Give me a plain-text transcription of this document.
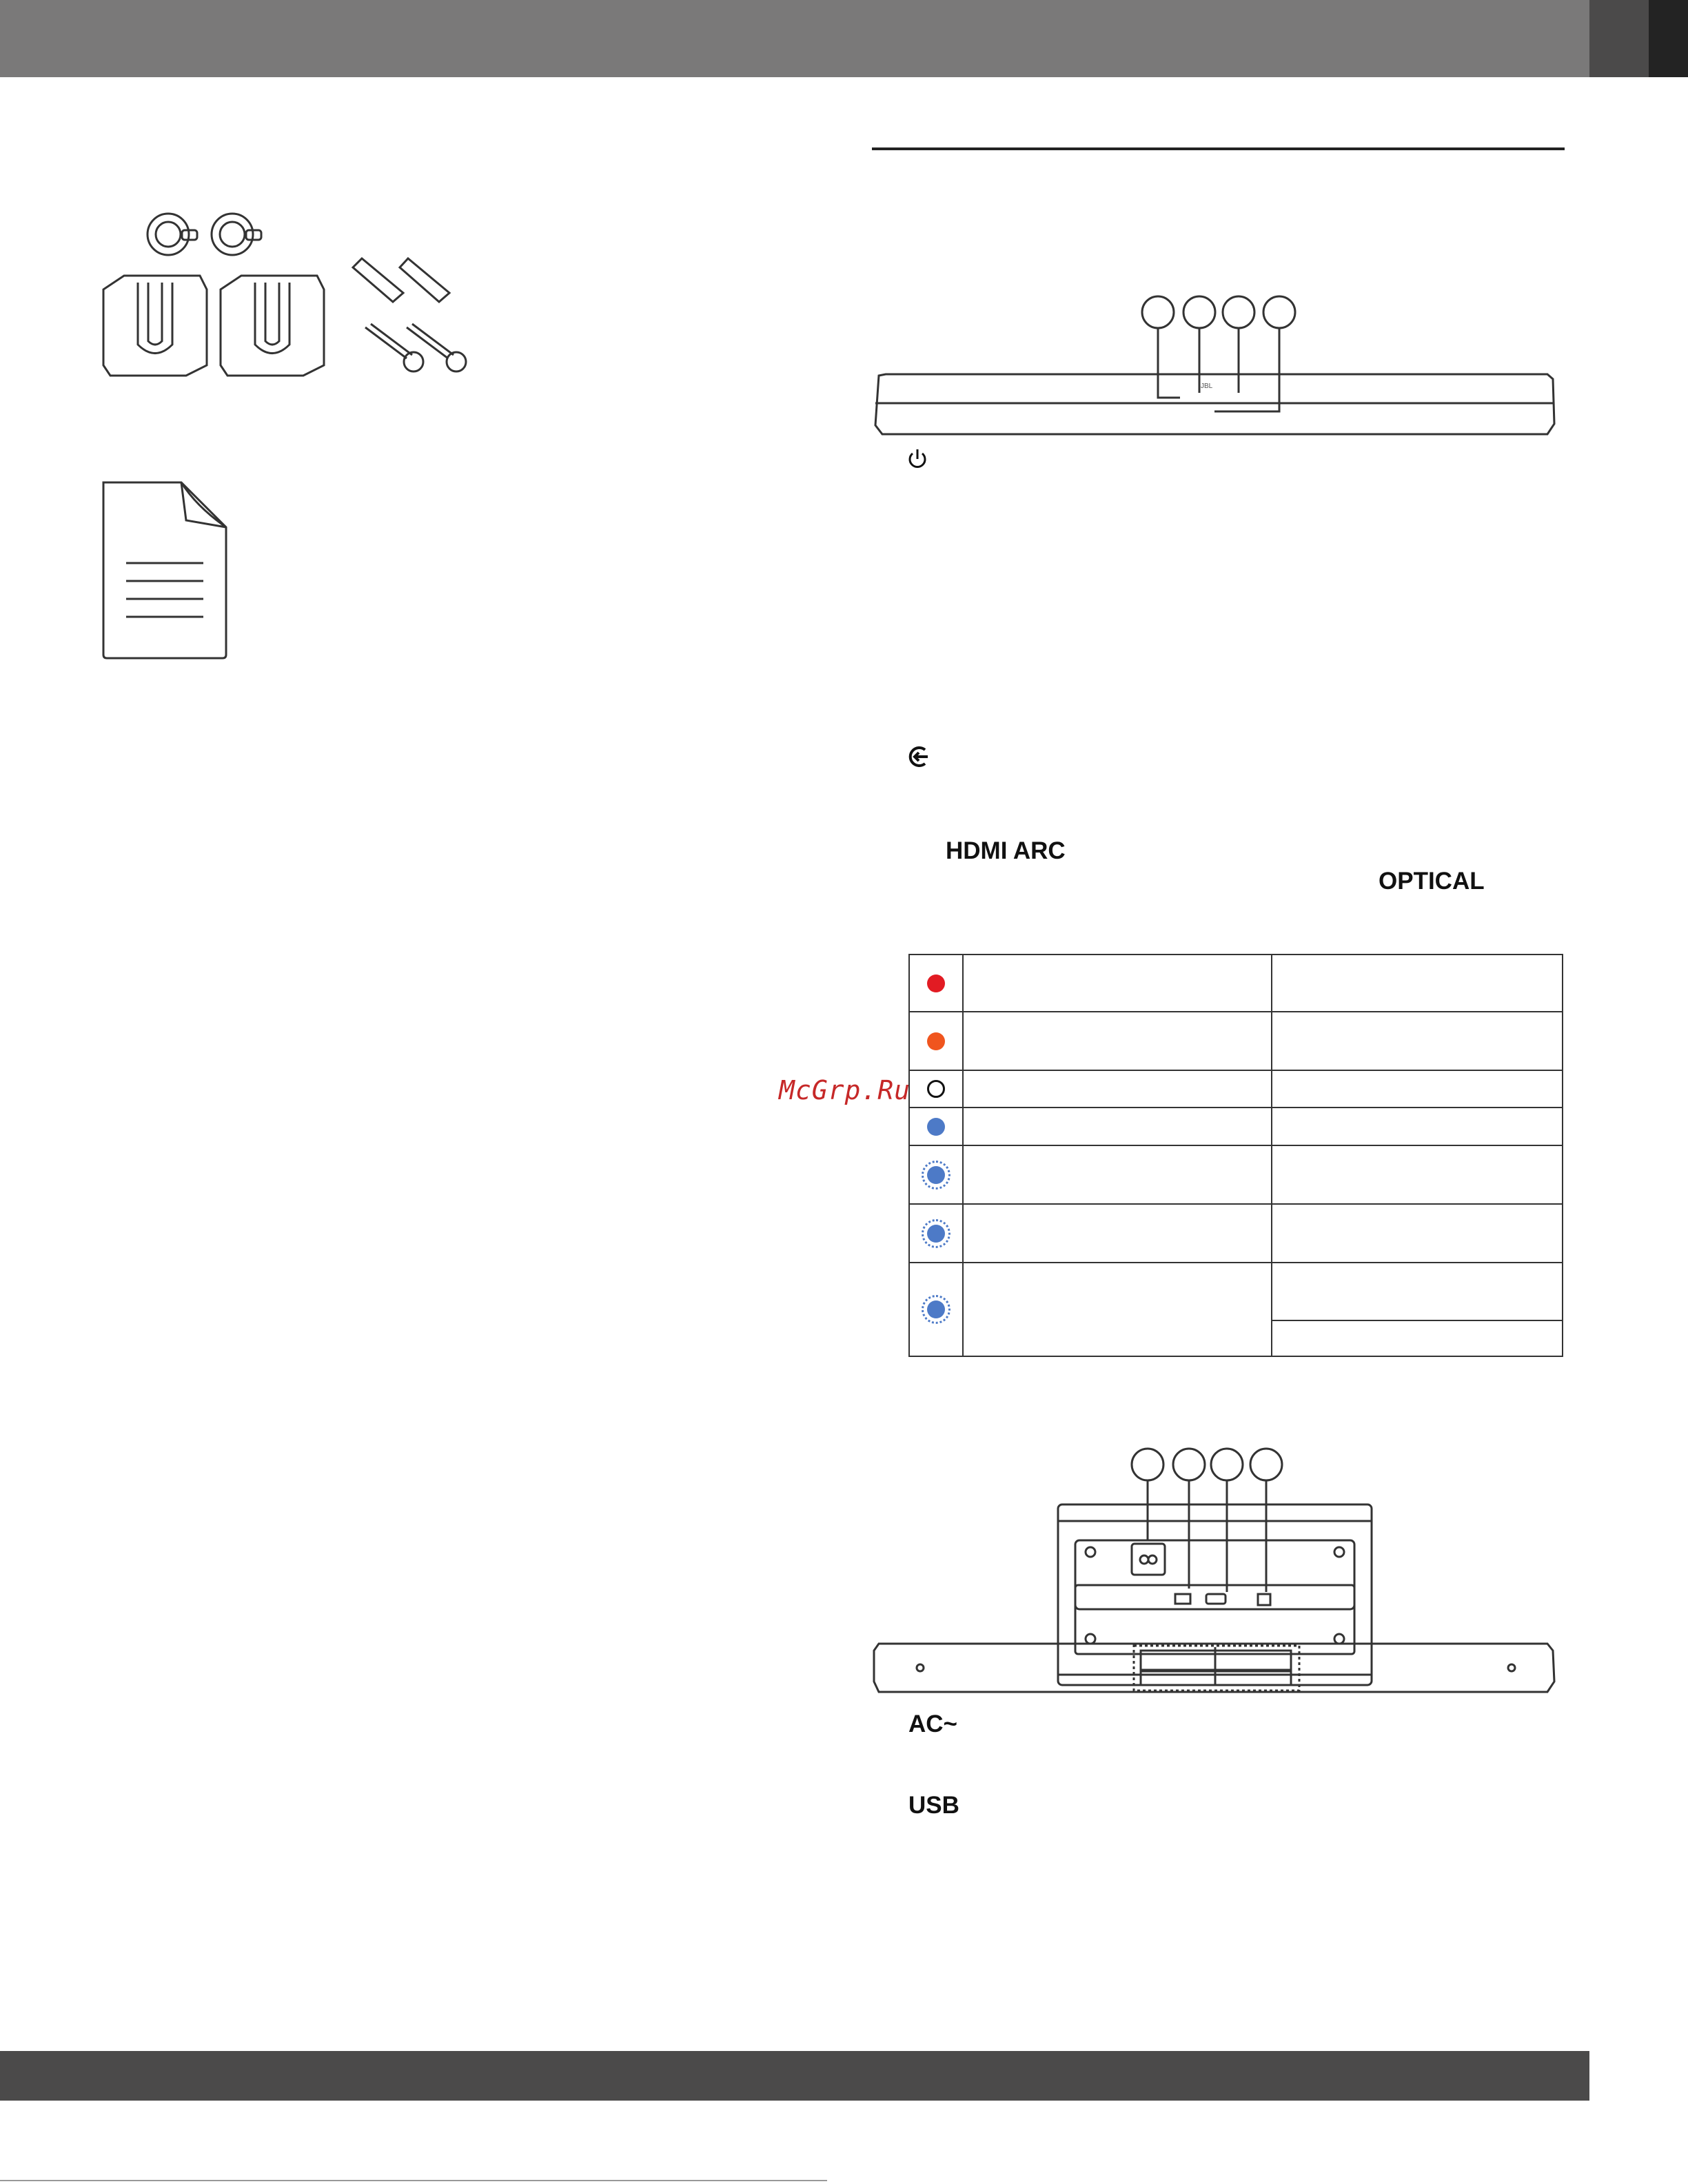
JBL
HDMI ARC
OPTICAL
McGrp.Ru

AC~
USB
